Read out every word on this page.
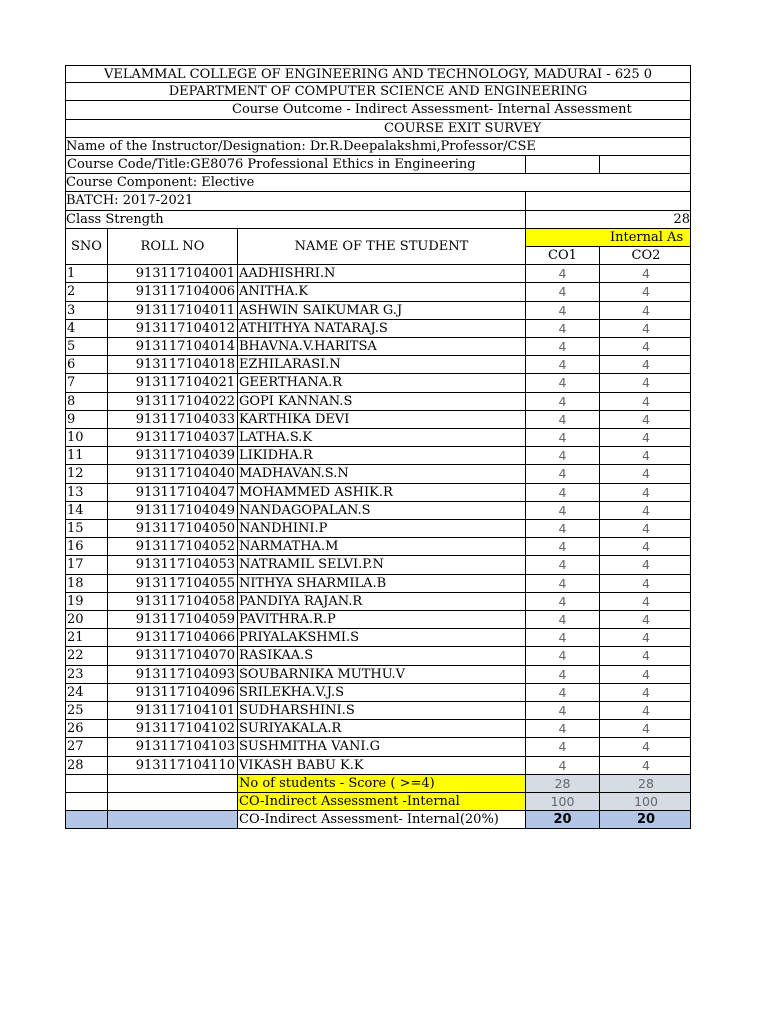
VELAMMAL COLLEGE OF ENGINEERING AND TECHNOLOGY, MADURAI - 625 0
DEPARTMENT OF COMPUTER SCIENCE AND ENGINEERING
Course Outcome - Indirect Assessment- Internal Assessment
COURSE EXIT SURVEY
Name of the Instructor/Designation: Dr.R.Deepalakshmi,Professor/CSE
Course Code/Title:GE8076 Professional Ethics in Engineering
Course Component: Elective
BATCH: 2017-2021
Class Strength	28
SNO	ROLL NO	NAME OF THE STUDENT
Internal As
CO1	CO2
1	913117104001 AADHISHRI.N	4	4
2	913117104006 ANITHA.K	4	4
3	913117104011 ASHWIN SAIKUMAR G.J	4	4
4	913117104012 ATHITHYA NATARAJ.S	4	4
5	913117104014 BHAVNA.V.HARITSA	4	4
6	913117104018 EZHILARASI.N	4	4
7	913117104021 GEERTHANA.R	4	4
8	913117104022 GOPI KANNAN.S	4	4
9	913117104033 KARTHIKA DEVI	4	4
10	913117104037 LATHA.S.K	4	4
11	913117104039 LIKIDHA.R	4	4
12	913117104040 MADHAVAN.S.N	4	4
13	913117104047 MOHAMMED ASHIK.R	4	4
14	913117104049 NANDAGOPALAN.S	4	4
15	913117104050 NANDHINI.P	4	4
16	913117104052 NARMATHA.M	4	4
17	913117104053 NATRAMIL SELVI.P.N	4	4
18	913117104055 NITHYA SHARMILA.B	4	4
19	913117104058 PANDIYA RAJAN.R	4	4
20	913117104059 PAVITHRA.R.P	4	4
21	913117104066 PRIYALAKSHMI.S	4	4
22	913117104070 RASIKAA.S	4	4
23	913117104093 SOUBARNIKA MUTHU.V	4	4
24	913117104096 SRILEKHA.V.J.S	4	4
25	913117104101 SUDHARSHINI.S	4	4
26	913117104102 SURIYAKALA.R	4	4
27	913117104103 SUSHMITHA VANI.G	4	4
28	913117104110 VIKASH BABU K.K	4	4
No of students - Score ( >=4)	28	28
CO-Indirect Assessment -Internal	100	100
CO-Indirect Assessment- Internal(20%)	20	20
